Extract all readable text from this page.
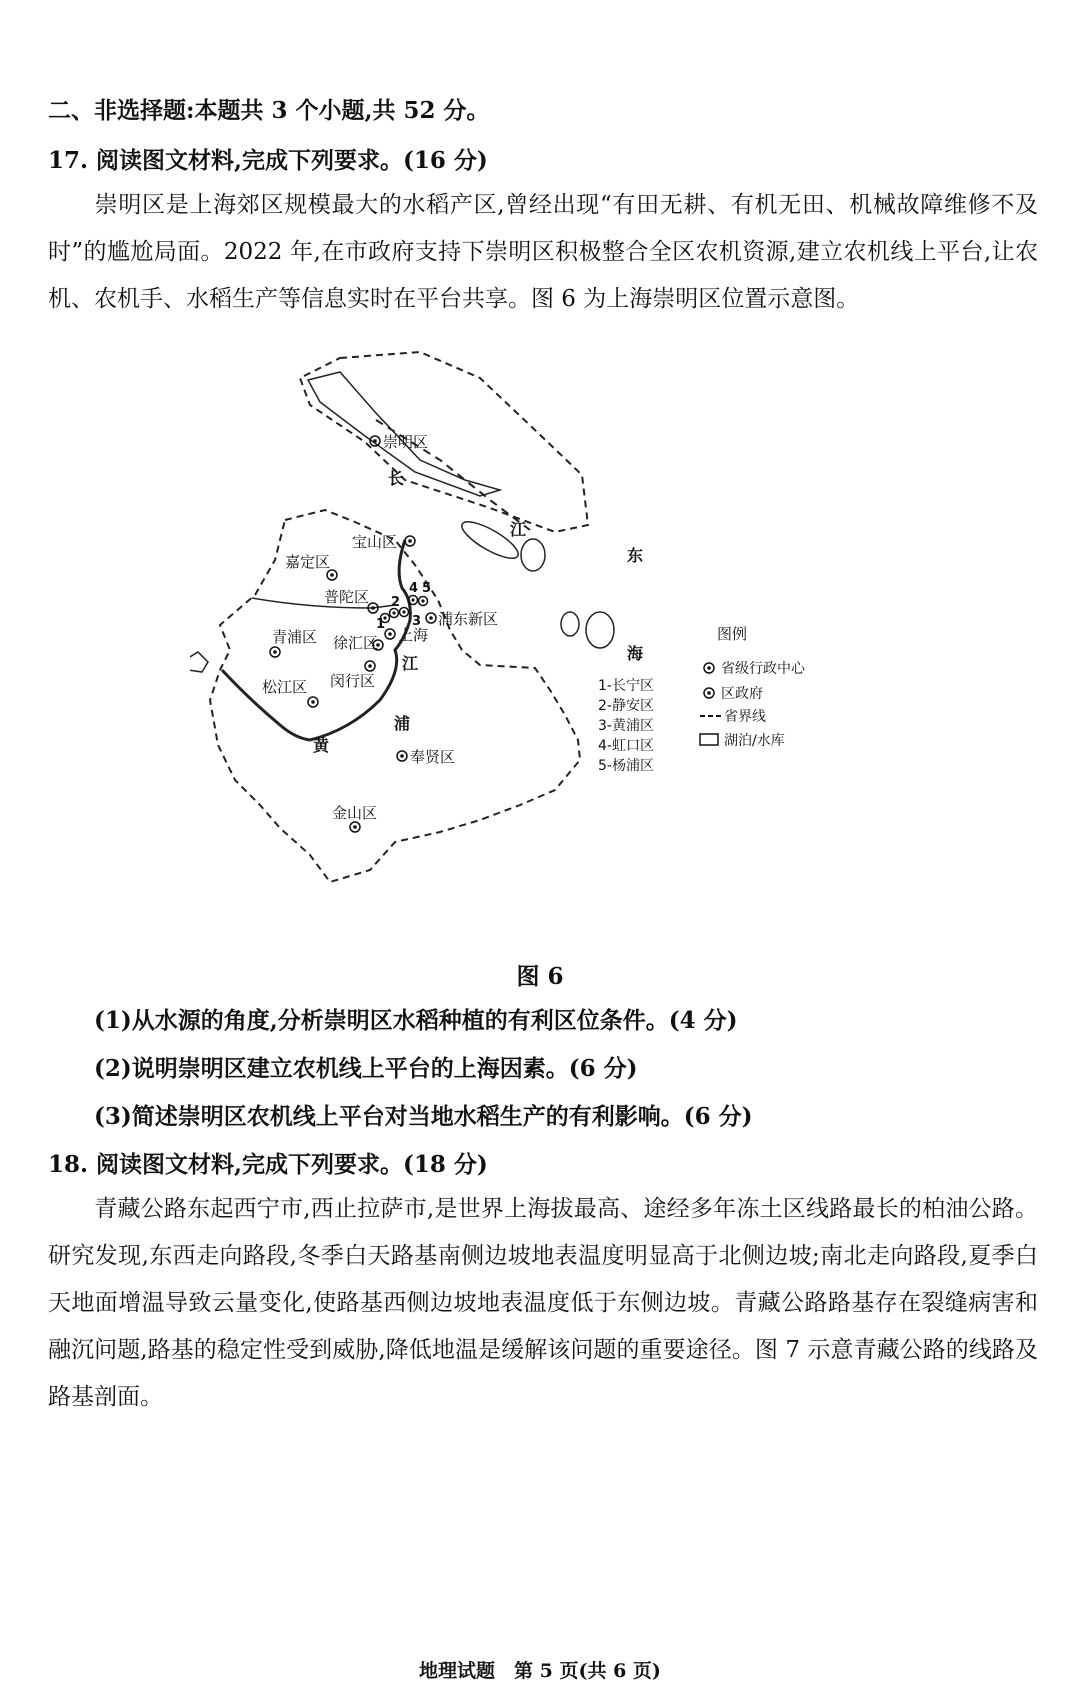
二、非选择题:本题共 3 个小题,共 52 分。
17. 阅读图文材料,完成下列要求。(16 分)
崇明区是上海郊区规模最大的水稻产区,曾经出现“有田无耕、有机无田、机械故障维修不及时”的尴尬局面。2022 年,在市政府支持下崇明区积极整合全区农机资源,建立农机线上平台,让农机、农机手、水稻生产等信息实时在平台共享。图 6 为上海崇明区位置示意图。
崇明区
长
江
东
海
宝山区
嘉定区
普陀区
1
2
3
4 5
浦东新区
上海
青浦区 徐汇区
江
浦
黄
闵行区
松江区
奉贤区
金山区
1-长宁区
2-静安区
3-黄浦区
4-虹口区
5-杨浦区
图例
省级行政中心
区政府
省界线
湖泊/水库
图 6
(1)从水源的角度,分析崇明区水稻种植的有利区位条件。(4 分)
(2)说明崇明区建立农机线上平台的上海因素。(6 分)
(3)简述崇明区农机线上平台对当地水稻生产的有利影响。(6 分)
18. 阅读图文材料,完成下列要求。(18 分)
青藏公路东起西宁市,西止拉萨市,是世界上海拔最高、途经多年冻土区线路最长的柏油公路。研究发现,东西走向路段,冬季白天路基南侧边坡地表温度明显高于北侧边坡;南北走向路段,夏季白天地面增温导致云量变化,使路基西侧边坡地表温度低于东侧边坡。青藏公路路基存在裂缝病害和融沉问题,路基的稳定性受到威胁,降低地温是缓解该问题的重要途径。图 7 示意青藏公路的线路及路基剖面。
地理试题　第 5 页(共 6 页)
